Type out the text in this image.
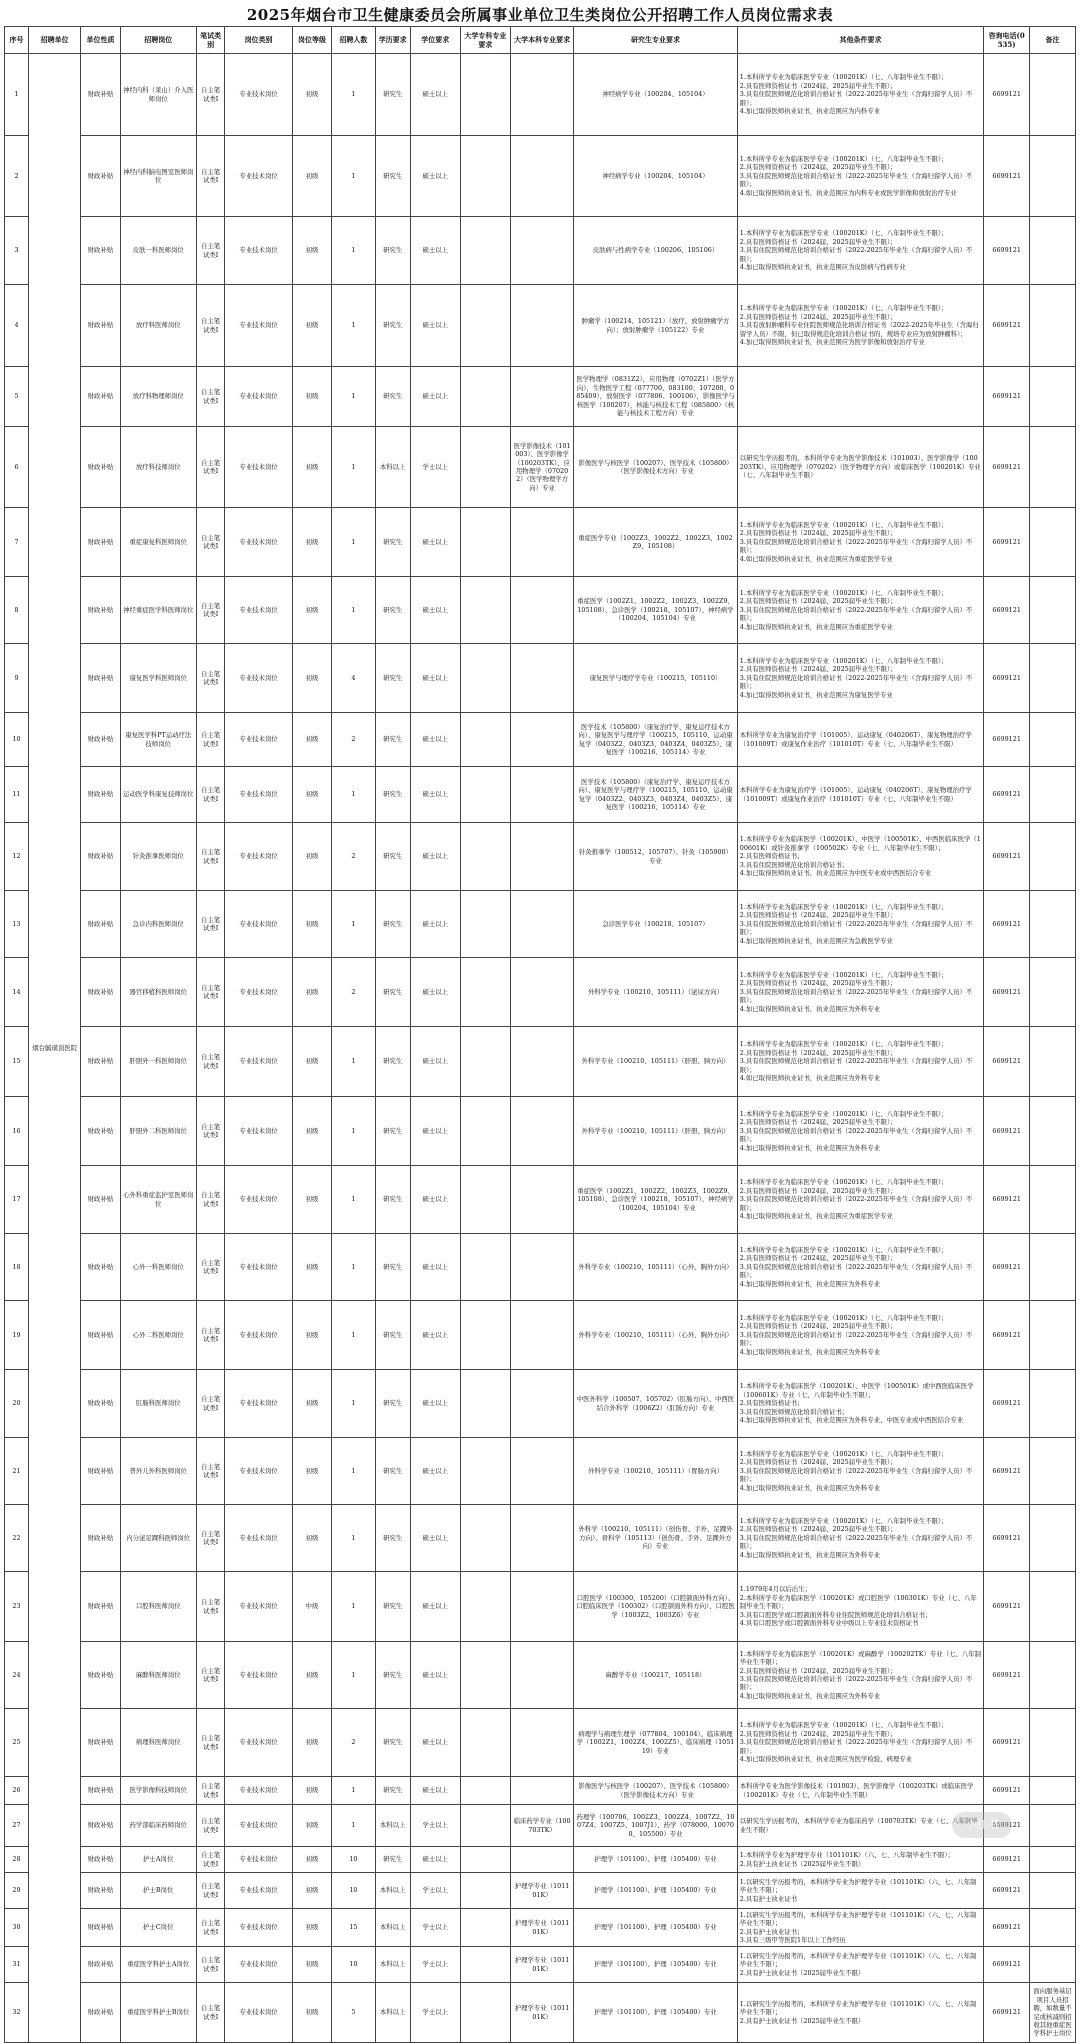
2025年烟台市卫生健康委员会所属事业单位卫生类岗位公开招聘工作人员岗位需求表
序号	招聘单位	单位性质	招聘岗位	笔试类别	岗位类别	岗位等级	招聘人数	学历要求	学位要求	大学专科专业要求	大学本科专业要求	研究生专业要求	其他条件要求	咨询电话(0535)	备注
1	烟台毓璜顶医院	财政补贴	神经内科（莱山）介入医师岗位	自主笔试类Ⅰ	专业技术岗位	初级	1	研究生	硕士以上			神经病学专业（100204、105104）	1.本科所学专业为临床医学专业（100201K）（七、八年制毕业生不限）；
2.具有医师资格证书（2024届、2025届毕业生不限）；
3.具有住院医师规范化培训合格证书（2022-2025年毕业生（含海归留学人员）不限）；
4.加已取得医师执业证书，执业范围应为内科专业	6699121	
2		财政补贴	神经内科脑电图室医师岗位	自主笔试类Ⅰ	专业技术岗位	初级	1	研究生	硕士以上			神经病学专业（100204、105104）	1.本科所学专业为临床医学专业（100201K）（七、八年制毕业生不限）；
2.具有医师资格证书（2024届、2025届毕业生不限）；
3.具有住院医师规范化培训合格证书（2022-2025年毕业生（含海归留学人员）不限）；
4.如已取得医师执业证书，执业范围应为内科专业或医学影像和放射治疗专业	6699121	
3		财政补贴	皮肤一科医师岗位	自主笔试类Ⅰ	专业技术岗位	初级	1	研究生	硕士以上			皮肤病与性病学专业（100206、105106）	1.本科所学专业为临床医学专业（100201K）（七、八年制毕业生不限）；
2.具有医师资格证书（2024届、2025届毕业生不限）；
3.具有住院医师规范化培训合格证书（2022-2025年毕业生（含海归留学人员）不限）；
4.加已取得医师执业证书，执业范围应为皮肤病与性病专业	6699121	
4		财政补贴	放疗科医师岗位	自主笔试类Ⅰ	专业技术岗位	初级	1	研究生	硕士以上			肿瘤学（100214、105121）（放疗、放射肿瘤学方向）；放射肿瘤学（105122）专业	1.本科所学专业为临床医学专业（100201K）（七、八年制毕业生不限）；
2.具有医师资格证书（2024届、2025届毕业生不限）；
3.具有放射肿瘤科专业住院医师规范化培训合格证书（2022-2025年毕业生（含海归留学人员）不限，但已取得规范化培训合格证书的，规培专业应为放射肿瘤科）；
4.加已取得医师执业证书，执业范围应为医学影像和放射治疗专业	6699121	
5		财政补贴	放疗科物理师岗位	自主笔试类Ⅰ	专业技术岗位	初级	1	研究生	硕士以上			医学物理学（0831Z2），应用物理（0702Z1）（医学方向），生物医学工程（077700、083100、107200、085409），放射医学（077806、100106），影像医学与核医学（100207），核能与核技术工程（085800）（核能与核技术工程方向）专业		6699121	
6		财政补贴	放疗科技师岗位	自主笔试类Ⅰ	专业技术岗位	初级	1	本科以上	学士以上		医学影像技术（101003）、医学影像学（100203TK）、应用物理学（070202）（医学物理学方向）专业	影像医学与核医学（100207）、医学技术（105800）（医学影像技术方向）专业	以研究生学历报考的，本科所学专业为医学影像技术（101003）、医学影像学（100203TK）、应用物理学（070202）（医学物理学方向）或临床医学（100201K）专业（七、八年制毕业生不限）	6699121	
7		财政补贴	重症康复科医师岗位	自主笔试类Ⅰ	专业技术岗位	初级	1	研究生	硕士以上			重症医学专业（1002Z3、1002Z2、1002Z3、1002Z9、105108）	1.本科所学专业为临床医学专业（100201K）（七、八年制毕业生不限）；
2.具有医师资格证书（2024届、2025届毕业生不限）；
3.具有住院医师规范化培训合格证书（2022-2025年毕业生（含海归留学人员）不限）；
4.如已取得医师执业证书，执业范围应为重症医学专业	6699121	
8		财政补贴	神经重症医学科医师岗位	自主笔试类Ⅰ	专业技术岗位	初级	1	研究生	硕士以上			重症医学（1002Z1、1002Z2、1002Z3、1002Z9、105108）、急诊医学（100218、105107）、神经病学（100204、105104）专业	1.本科所学专业为临床医学专业（100201K）（七、八年制毕业生不限）；
2.具有医师资格证书（2024届、2025届毕业生不限）；
3.具有住院医师规范化培训合格证书（2022-2025年毕业生（含海归留学人员）不限）；
4.加已取得医师执业证书，执业范围应为重症医学专业	6699121	
9		财政补贴	康复医学科医师岗位	自主笔试类Ⅰ	专业技术岗位	初级	4	研究生	硕士以上			康复医学与理疗学专业（100215、105110）	1.本科所学专业为临床医学专业（100201K）（七、八年制毕业生不限）；
2.具有医师资格证书（2024届、2025届毕业生不限）；
3.具有住院医师规范化培训合格证书（2022-2025年毕业生（含海归留学人员）不限）；
4.加已取得医师执业证书，执业范围应为康复医学专业	6699121	
10		财政补贴	康复医学科PT运动疗法技师岗位	自主笔试类Ⅰ	专业技术岗位	初级	2	研究生	硕士以上			医学技术（105800）（康复治疗学、康复运疗技术方向）、康复医学与理疗学（100215、105110、运动康复学（0403Z2、0403Z3、0403Z4、0403Z5）、康复医学（100216、105114）专业	本科所学专业为康复治疗学（101005）、运动康复（040206T）、康复物理治疗学（101009T）或康复作业治疗（101010T）专业（七、八年制毕业生不限）	6699121	
11		财政补贴	运动医学科康复技师岗位	自主笔试类Ⅰ	专业技术岗位	初级	1	研究生	硕士以上			医学技术（105800）（康复治疗学、康复运疗技术方向）、康复医学与理疗学（100215、105110、运动康复学（0403Z2、0403Z3、0403Z4、0403Z5）、康复医学（100216、105114）专业	本科所学专业为康复治疗学（101005）、运动康复（040206T）、康复物理治疗学（101009T）或康复作业治疗（101010T）专业（七、八年制毕业生不限）	6699121	
12		财政补贴	针灸推拿医师岗位	自主笔试类Ⅰ	专业技术岗位	初级	2	研究生	硕士以上			针灸推拿学（100512、105707）、针灸（105900）专业	1.本科所学专业为临床医学（100201K）、中医学（100501K）、中西医临床医学（100601K）或针灸推拿学（100502K）专业（七、八年制毕业生不限）；
2.具有医师资格证书；
3.具有住院医师规范化培训合格证书；
4.加已取得医师执业证书，执业范围应为中医专业或中西医结合专业	6699121	
13		财政补贴	急诊内科医师岗位	自主笔试类Ⅰ	专业技术岗位	初级	1	研究生	硕士以上			急诊医学专业（100218、105107）	1.本科所学专业为临床医学专业（100201K）（七、八年制毕业生不限）；
2.具有医师资格证书（2024届、2025届毕业生不限）；
3.具有住院医师规范化培训合格证书（2022-2025年毕业生（含海归留学人员）不限）；
4.加已取得医师执业证书，执业范围应为急救医学专业	6699121	
14		财政补贴	器官移植科医师岗位	自主笔试类Ⅰ	专业技术岗位	初级	2	研究生	硕士以上			外科学专业（100210、105111）（泌尿方向）	1.本科所学专业为临床医学专业（100201K）（七、八年制毕业生不限）；
2.具有医师资格证书（2024届、2025届毕业生不限）；
3.具有住院医师规范化培训合格证书（2022-2025年毕业生（含海归留学人员）不限）；
4.加已取得医师执业证书，执业范围应为外科专业	6699121	
15		财政补贴	肝胆外一科医师岗位	自主笔试类Ⅰ	专业技术岗位	初级	1	研究生	硕士以上			外科学专业（100210、105111）（肝胆、胰方向）	1.本科所学专业为临床医学专业（100201K）（七、八年制毕业生不限）；
2.具有医师资格证书（2024届、2025届毕业生不限）；
3.具有住院医师规范化培训合格证书（2022-2025年毕业生（含海归留学人员）不限）；
4.如已取得医师执业证书，执业范围应为外科专业	6699121	
16		财政补贴	肝胆外二科医师岗位	自主笔试类Ⅰ	专业技术岗位	初级	1	研究生	硕士以上			外科学专业（100210、105111）（肝胆、胰方向）	1.本科所学专业为临床医学专业（100201K）（七、八年制毕业生不限）；
2.具有医师资格证书（2024届、2025届毕业生不限）；
3.具有住院医师规范化培训合格证书（2022-2025年毕业生（含海归留学人员）不限）；
4.加已取得医师执业证书，执业范围应为外科专业	6699121	
17		财政补贴	心外科重症监护室医师岗位	自主笔试类Ⅰ	专业技术岗位	初级	1	研究生	硕士以上			重症医学（1002Z1、1002Z2、1002Z3、1002Z9、105108）、急诊医学（100218、105107）、神经病学（100204、105104）专业	1.本科所学专业为临床医学专业（100201K）（七、八年制毕业生不限）；
2.具有医师资格证书（2024届、2025届毕业生不限）；
3.具有住院医师规范化培训合格证书（2022-2025年毕业生（含海归留学人员）不限）；
4.加已取得医师执业证书，执业范围应为重症医学专业	6699121	
18		财政补贴	心外一科医师岗位	自主笔试类Ⅰ	专业技术岗位	初级	1	研究生	硕士以上			外科学专业（100210、105111）（心外、胸外方向）	1.本科所学专业为临床医学专业（100201K）（七、八年制毕业生不限）；
2.具有医师资格证书（2024届、2025届毕业生不限）；
3.具有住院医师规范化培训合格证书（2022-2025年毕业生（含海归留学人员）不限）；
4.加已取得医师执业证书，执业范围应为外科专业	6699121	
19		财政补贴	心外二科医师岗位	自主笔试类Ⅰ	专业技术岗位	初级	1	研究生	硕士以上			外科学专业（100210、105111）（心外、胸外方向）	1.本科所学专业为临床医学专业（100201K）（七、八年制毕业生不限）；
2.具有医师资格证书（2024届、2025届毕业生不限）；
3.具有住院医师规范化培训合格证书（2022-2025年毕业生（含海归留学人员）不限）；
4.加已取得医师执业证书，执业范围应为外科专业	6699121	
20		财政补贴	肛肠科医师岗位	自主笔试类Ⅰ	专业技术岗位	初级	1	研究生	硕士以上			中医外科学（100507、105702）（肛肠方向）、中西医结合外科学（1006Z2）（肛肠方向）专业	1.本科所学专业为临床医学（100201K）、中医学（100501K）或中西医临床医学（100601K）专业（七、八年制毕业生不限）；
2.具有医师资格证书；
3.具有住院医师规范化培训合格证书；
4.加已取得医师执业证书，执业范围应为外科专业、中医专业或中西医结合专业	6699121	
21		财政补贴	普外儿外科医师岗位	自主笔试类Ⅰ	专业技术岗位	初级	1	研究生	硕士以上			外科学专业（100210、105111）（胃肠方向）	1.本科所学专业为临床医学专业（100201K）（七、八年制毕业生不限）；
2.具有医师资格证书（2024届、2025届毕业生不限）；
3.具有住院医师规范化培训合格证书（2022-2025年毕业生（含海归留学人员）不限）；
4.加已取得医师执业证书，执业范围应为外科专业	6699121	
22		财政补贴	内分泌足踝科医师岗位	自主笔试类Ⅰ	专业技术岗位	初级	1	研究生	硕士以上			外科学（100210、105111）（创伤骨、手外、足踝外方向）、骨科学（105113）（创伤骨、手外、足踝外方向）专业	1.本科所学专业为临床医学专业（100201K）（七、八年制毕业生不限）；
2.具有医师资格证书（2024届、2025届毕业生不限）；
3.具有住院医师规范化培训合格证书（2022-2025年毕业生（含海归留学人员）不限）；
4.加已取得医师执业证书，执业范围应为外科专业	6699121	
23		财政补贴	口腔科医师岗位	自主笔试类Ⅰ	专业技术岗位	中级	1	研究生	硕士以上			口腔医学（100300、105200）（口腔颌面外科方向）、口腔临床医学（100302）（口腔颌面外科方向）、口腔医学（1003Z2、1003Z6）专业	1.1979年4月以后出生；
2.本科所学专业为临床医学（100201K）或口腔医学（100301K）专业（七、八年制毕业生不限）；
3.具有口腔医学或口腔颌面外科专业住院医师规范化培训合格证书；
4.具有口腔医学或口腔颌面外科专业中级以上专业技术资格证书	6699121	
24		财政补贴	麻醉科医师岗位	自主笔试类Ⅰ	专业技术岗位	初级	1	研究生	硕士以上			麻醉学专业（100217、105118）	1.本科所学专业为临床医学（100201K）或麻醉学（100202TK）专业（七、八年制毕业生不限）；
2.具有医师资格证书（2024届、2025届毕业生不限）；
3.具有住院医师规范化培训合格证书（2022-2025年毕业生（含海归留学人员）不限）；
4.加已取得医师执业证书，执业范围应为外科专业	6699121	
25		财政补贴	病理科医师岗位	自主笔试类Ⅰ	专业技术岗位	初级	2	研究生	硕士以上			病理学与病理生理学（077804、100104）、临床病理学（1002Z1、1002Z4、1002Z5）、临床病理（105119）专业	1.本科所学专业为临床医学专业（100201K）（七、八年制毕业生不限）；
2.具有医师资格证书（2024届、2025届毕业生不限）；
3.具有住院医师规范化培训合格证书（2022-2025年毕业生（含海归留学人员）不限）；
4.加已取得医师执业证书，执业范围应为医学检验、病理专业	6699121	
26		财政补贴	医学影像科技师岗位	自主笔试类Ⅰ	专业技术岗位	初级	1	研究生	硕士以上			影像医学与核医学（100207）、医学技术（105800）（医学影像技术方向）专业	本科所学专业为医学影像技术（101003）、医学影像学（100203TK）或临床医学（100201K）专业（七、八年制毕业生不限）	6699121	
27		财政补贴	药学部临床药师岗位	自主笔试类Ⅰ	专业技术岗位	初级	1	本科以上	学士以上		临床药学专业（100703TK）	药理学（100706、1002Z3、1002Z4、1007Z2、1007Z4、1007Z5、1007J1）、药学（078000、100700、105500）专业	以研究生学历报考的，本科所学专业为临床药学（100703TK）专业（七、八年制毕业生不限）	6699121	
28		财政补贴	护士A岗位	自主笔试类Ⅰ	专业技术岗位	初级	10	研究生	硕士以上			护理学（101100）、护理（105400）专业	1.本科所学专业为护理学专业（101101K）（六、七、八年制毕业生不限）；
2.具有护士执业证书（2025届毕业生不限）	6699121	
29		财政补贴	护士B岗位	自主笔试类Ⅰ	专业技术岗位	初级	10	本科以上	学士以上		护理学专业（101101K）	护理学（101100）、护理（105400）专业	1.以研究生学历报考的，本科所学专业为护理学专业（101101K）（六、七、八年制毕业生不限）；
2.具有护士执业证书	6699121	
30		财政补贴	护士C岗位	自主笔试类Ⅰ	专业技术岗位	初级	15	本科以上	学士以上		护理学专业（101101K）	护理学（101100）、护理（105400）专业	1.以研究生学历报考的，本科所学专业为护理学专业（101101K）（六、七、八年制毕业生不限）；
2.具有护士执业证书；
3.具有三级甲等医院1年以上工作经历	6699121	
31		财政补贴	重症医学科护士A岗位	自主笔试类Ⅰ	专业技术岗位	初级	10	本科以上	学士以上		护理学专业（101101K）	护理学（101100）、护理（105400）专业	1.以研究生学历报考的，本科所学专业为护理学专业（101101K）（六、七、八年制毕业生不限）；
2.具有护士执业证书（2025届毕业生不限）	6699121	
32		财政补贴	重症医学科护士B岗位	自主笔试类Ⅰ	专业技术岗位	初级	5	本科以上	学士以上		护理学专业（101101K）	护理学（101100）、护理（105400）专业	1.以研究生学历报考的，本科所学专业为护理学专业（101101K）（六、七、八年制毕业生不限）；
2.具有护士执业证书（2025届毕业生不限）	6699121	面向服务基层项目人员招聘，如数量不足或核减则招收其他重症医学科护士岗位
小红书
